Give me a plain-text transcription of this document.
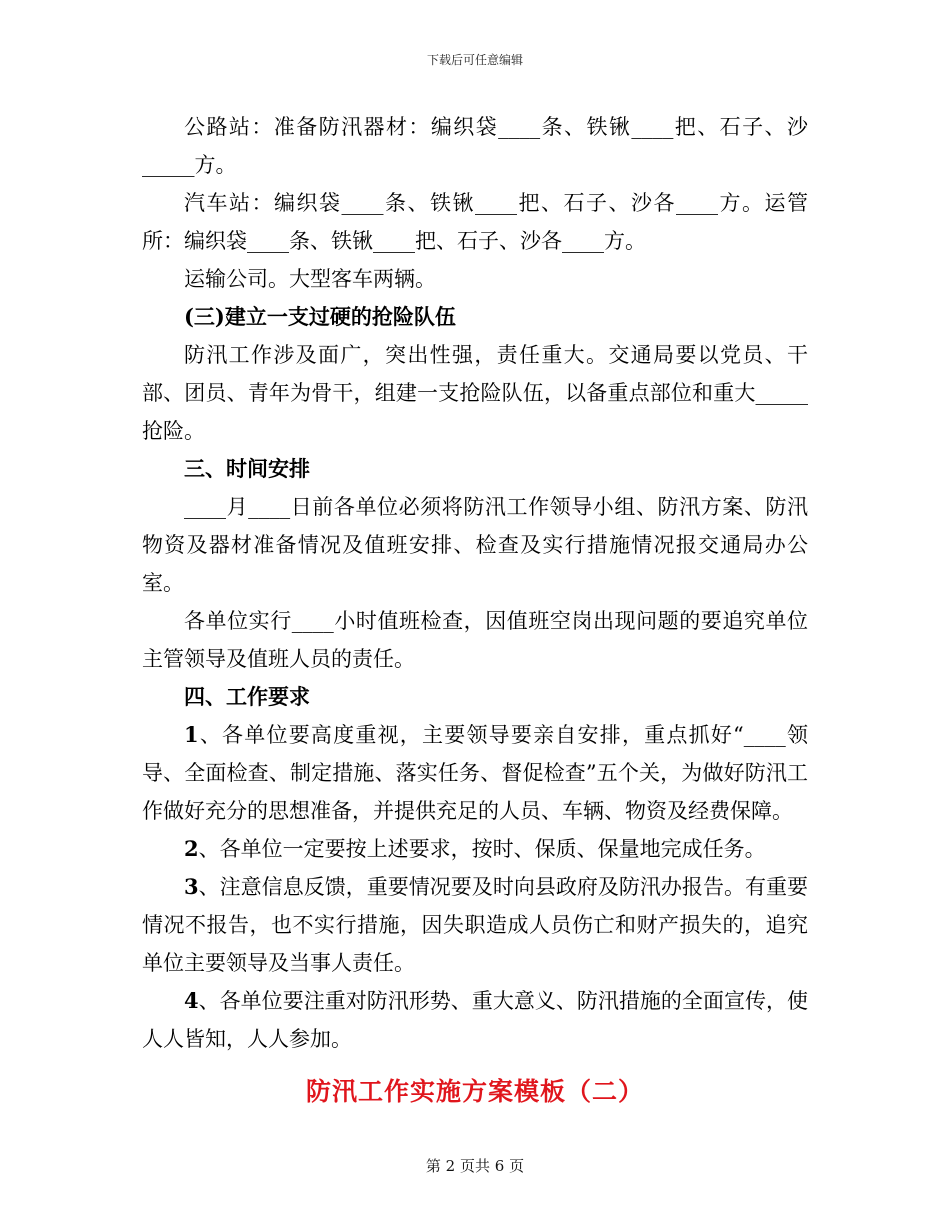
下载后可任意编辑

公路站：准备防汛器材：编织袋____条、铁锹____把、石子、沙_____方。

汽车站：编织袋____条、铁锹____把、石子、沙各____方。运管所：编织袋____条、铁锹____把、石子、沙各____方。

运输公司。大型客车两辆。

(三)建立一支过硬的抢险队伍

防汛工作涉及面广，突出性强，责任重大。交通局要以党员、干部、团员、青年为骨干，组建一支抢险队伍，以备重点部位和重大_____抢险。

三、时间安排

____月____日前各单位必须将防汛工作领导小组、防汛方案、防汛物资及器材准备情况及值班安排、检查及实行措施情况报交通局办公室。

各单位实行____小时值班检查，因值班空岗出现问题的要追究单位主管领导及值班人员的责任。

四、工作要求

1、各单位要高度重视，主要领导要亲自安排，重点抓好“____领导、全面检查、制定措施、落实任务、督促检查”五个关，为做好防汛工作做好充分的思想准备，并提供充足的人员、车辆、物资及经费保障。

2、各单位一定要按上述要求，按时、保质、保量地完成任务。

3、注意信息反馈，重要情况要及时向县政府及防汛办报告。有重要情况不报告，也不实行措施，因失职造成人员伤亡和财产损失的，追究单位主要领导及当事人责任。

4、各单位要注重对防汛形势、重大意义、防汛措施的全面宣传，使人人皆知，人人参加。

防汛工作实施方案模板（二）
第 2 页共 6 页
